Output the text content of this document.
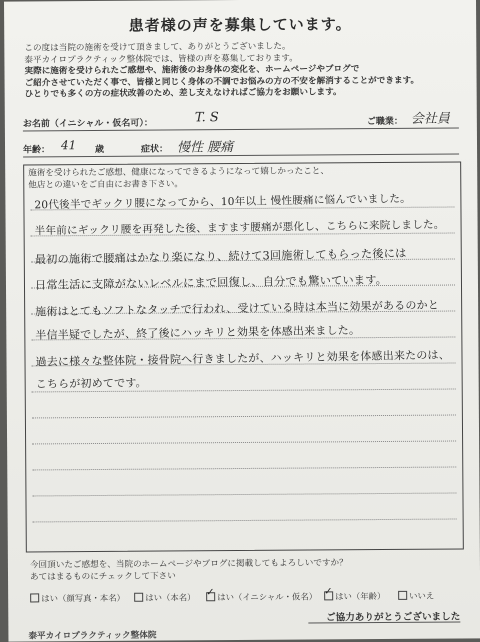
患者様の声を募集しています。
この度は当院の施術を受けて頂きまして、ありがとうございました。
泰平カイロプラクティック整体院では、皆様の声を募集しております。
実際に施術を受けられたご感想や、施術後のお身体の変化を、ホームページやブログで
ご紹介させていただく事で、皆様と同じく身体の不調でお悩みの方の不安を解消することができます。
ひとりでも多くの方の症状改善のため、差し支えなければご協力をお願いします。
お名前（イニシャル・仮名可）：	T. S	ご職業： 会社員
年齢： 41 歳	症状： 慢性 腰痛
施術を受けられたご感想、健康になってできるようになって嬉しかったこと、
他店との違いをご自由にお書き下さい。
20代後半でギックリ腰になってから、10年以上 慢性腰痛に悩んでいました。
半年前にギックリ腰を再発した後、ますます腰痛が悪化し、こちらに来院しました。
最初の施術で腰痛はかなり楽になり、続けて3回施術してもらった後には
日常生活に支障がないレベルにまで回復し、自分でも驚いています。
施術はとてもソフトなタッチで行われ、受けている時は本当に効果があるのかと
半信半疑でしたが、終了後にハッキリと効果を体感出来ました。
過去に様々な整体院・接骨院へ行きましたが、ハッキリと効果を体感出来たのは、
こちらが初めてです。
今回頂いたご感想を、当院のホームページやブログに掲載してもよろしいですか？
あてはまるものにチェックして下さい
はい（顔写真・本名）	はい（本名） ✓	はい（イニシャル・仮名） ✓	はい（年齢）	いいえ
ご協力ありがとうございました
泰平カイロプラクティック整体院
